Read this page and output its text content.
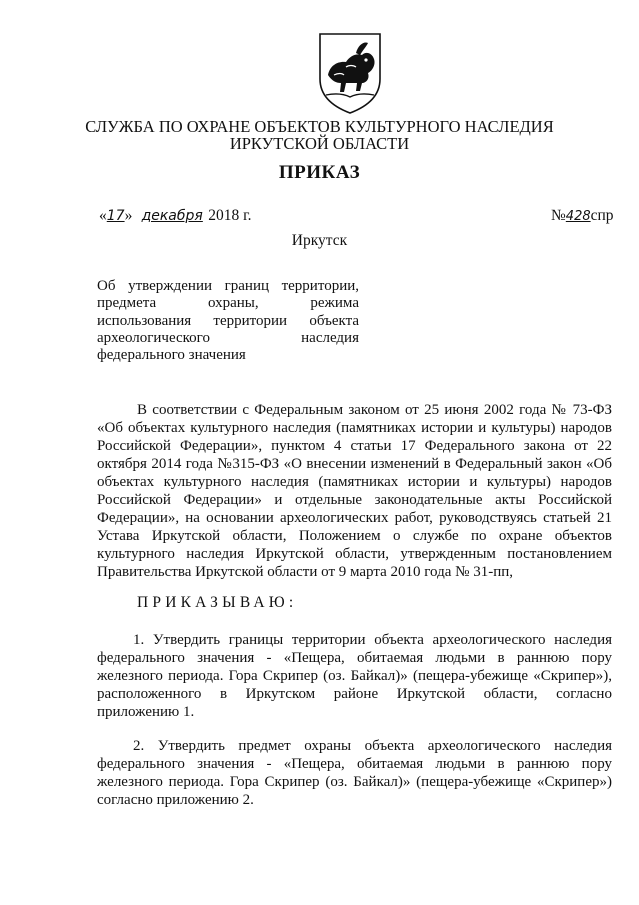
СЛУЖБА ПО ОХРАНЕ ОБЪЕКТОВ КУЛЬТУРНОГО НАСЛЕДИЯ
ИРКУТСКОЙ ОБЛАСТИ
ПРИКАЗ
«17» декабря 2018 г.	№428спр
Иркутск
Об утверждении границ территории,
предмета	охраны,	режима
использования территории объекта
археологического	наследия
федерального значения
В соответствии с Федеральным законом от 25 июня 2002 года № 73-ФЗ
«Об объектах культурного наследия (памятниках истории и культуры) народов
Российской Федерации», пунктом 4 статьи 17 Федерального закона от 22
октября 2014 года №315-ФЗ «О внесении изменений в Федеральный закон «Об
объектах культурного наследия (памятниках истории и культуры) народов
Российской Федерации» и отдельные законодательные акты Российской
Федерации», на основании археологических работ, руководствуясь статьей 21
Устава Иркутской области, Положением о службе по охране объектов
культурного наследия Иркутской области, утвержденным постановлением
Правительства Иркутской области от 9 марта 2010 года № 31-пп,
ПРИКАЗЫВАЮ:
1. Утвердить границы территории объекта археологического наследия
федерального значения - «Пещера, обитаемая людьми в раннюю пору
железного периода. Гора Скрипер (оз. Байкал)» (пещера-убежище «Скрипер»),
расположенного в Иркутском районе Иркутской области, согласно
приложению 1.
2. Утвердить предмет охраны объекта археологического наследия
федерального значения - «Пещера, обитаемая людьми в раннюю пору
железного периода. Гора Скрипер (оз. Байкал)» (пещера-убежище «Скрипер»)
согласно приложению 2.
